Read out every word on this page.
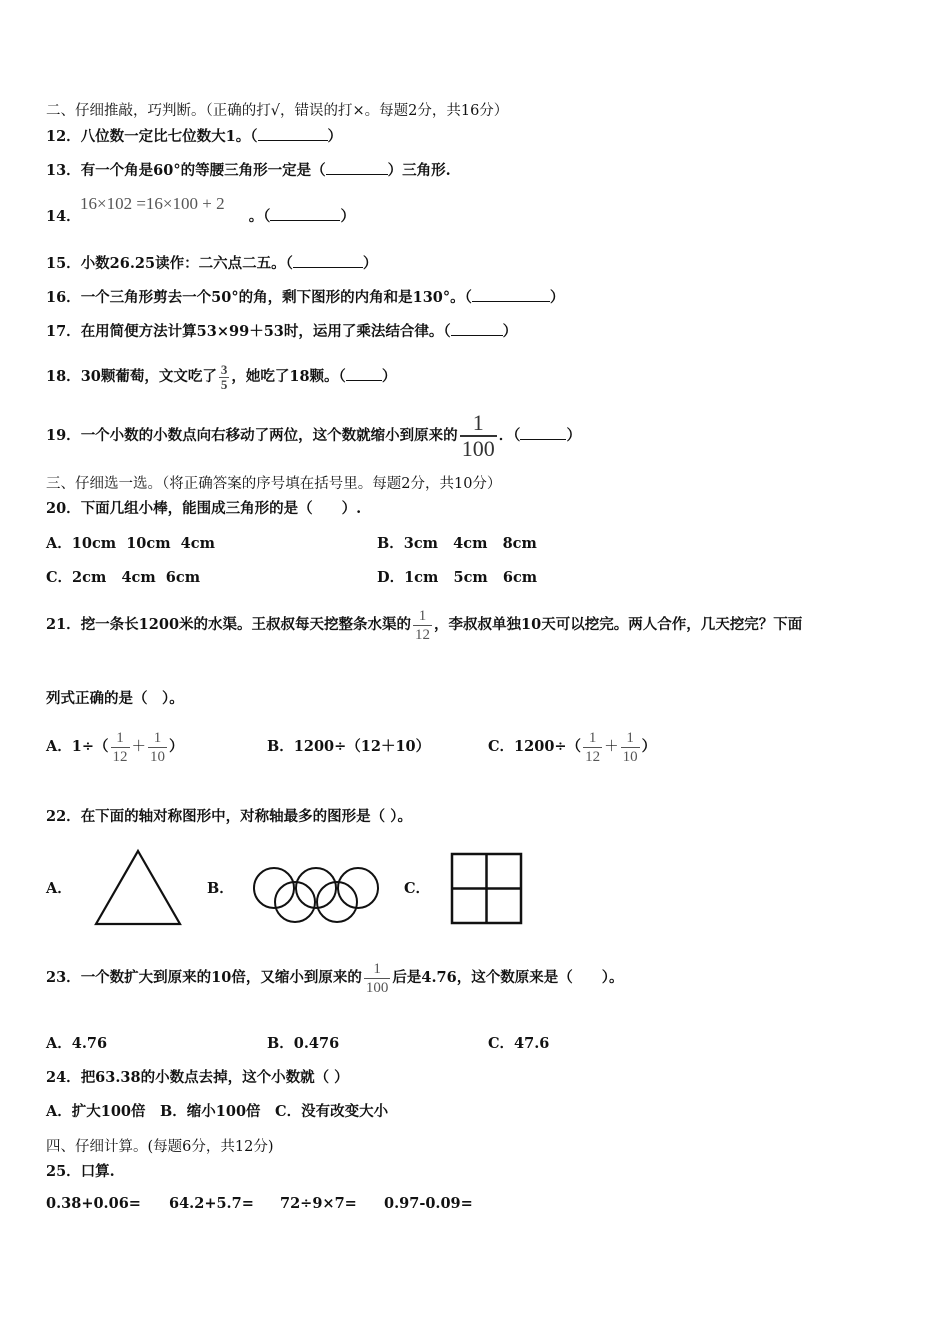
二、仔细推敲，巧判断。（正确的打√，错误的打×。每题2分，共16分）
12．八位数一定比七位数大1。（	）
13．有一个角是60°的等腰三角形一定是（	）三角形.
16×102 =16×100 + 2
14．	。（	）
15．小数26.25读作：二六点二五。（	）
16．一个三角形剪去一个50°的角，剩下图形的内角和是130°。（	）
17．在用简便方法计算53×99＋53时，运用了乘法结合律。（	）
18．30颗葡萄，文文吃了 $\frac{3}{5}$ ，她吃了18颗。（ ）
19．一个小数的小数点向右移动了两位，这个数就缩小到原来的 $\frac{1}{100}$ ．（	）
三、仔细选一选。（将正确答案的序号填在括号里。每题2分，共10分）
20．下面几组小棒，能围成三角形的是（　　）.
A．10cm  10cm  4cm	B．3cm   4cm   8cm
C．2cm   4cm  6cm	D．1cm   5cm   6cm
21．挖一条长1200米的水渠。王叔叔每天挖整条水渠的 $\frac{1}{12}$ ，李叔叔单独10天可以挖完。两人合作，几天挖完？下面
列式正确的是（　）。
A．$1\div( \frac{1}{12} + \frac{1}{10}$ ）	B．1200÷（12＋10）	C．$1200\div( \frac{1}{12} + \frac{1}{10}$ ）
22．在下面的轴对称图形中，对称轴最多的图形是（ ）。
A．	B．	C．
23．一个数扩大到原来的10倍，又缩小到原来的 $\frac{1}{100}$ 后是4.76，这个数原来是（　　）。
A．4.76	B．0.476	C．47.6
24．把63.38的小数点去掉，这个小数就（ ）
A．扩大100倍　B．缩小100倍　C．没有改变大小
四、仔细计算。(每题6分，共12分)
25．口算.
0.38+0.06= 64.2+5.7= 72÷9×7= 0.97-0.09=
